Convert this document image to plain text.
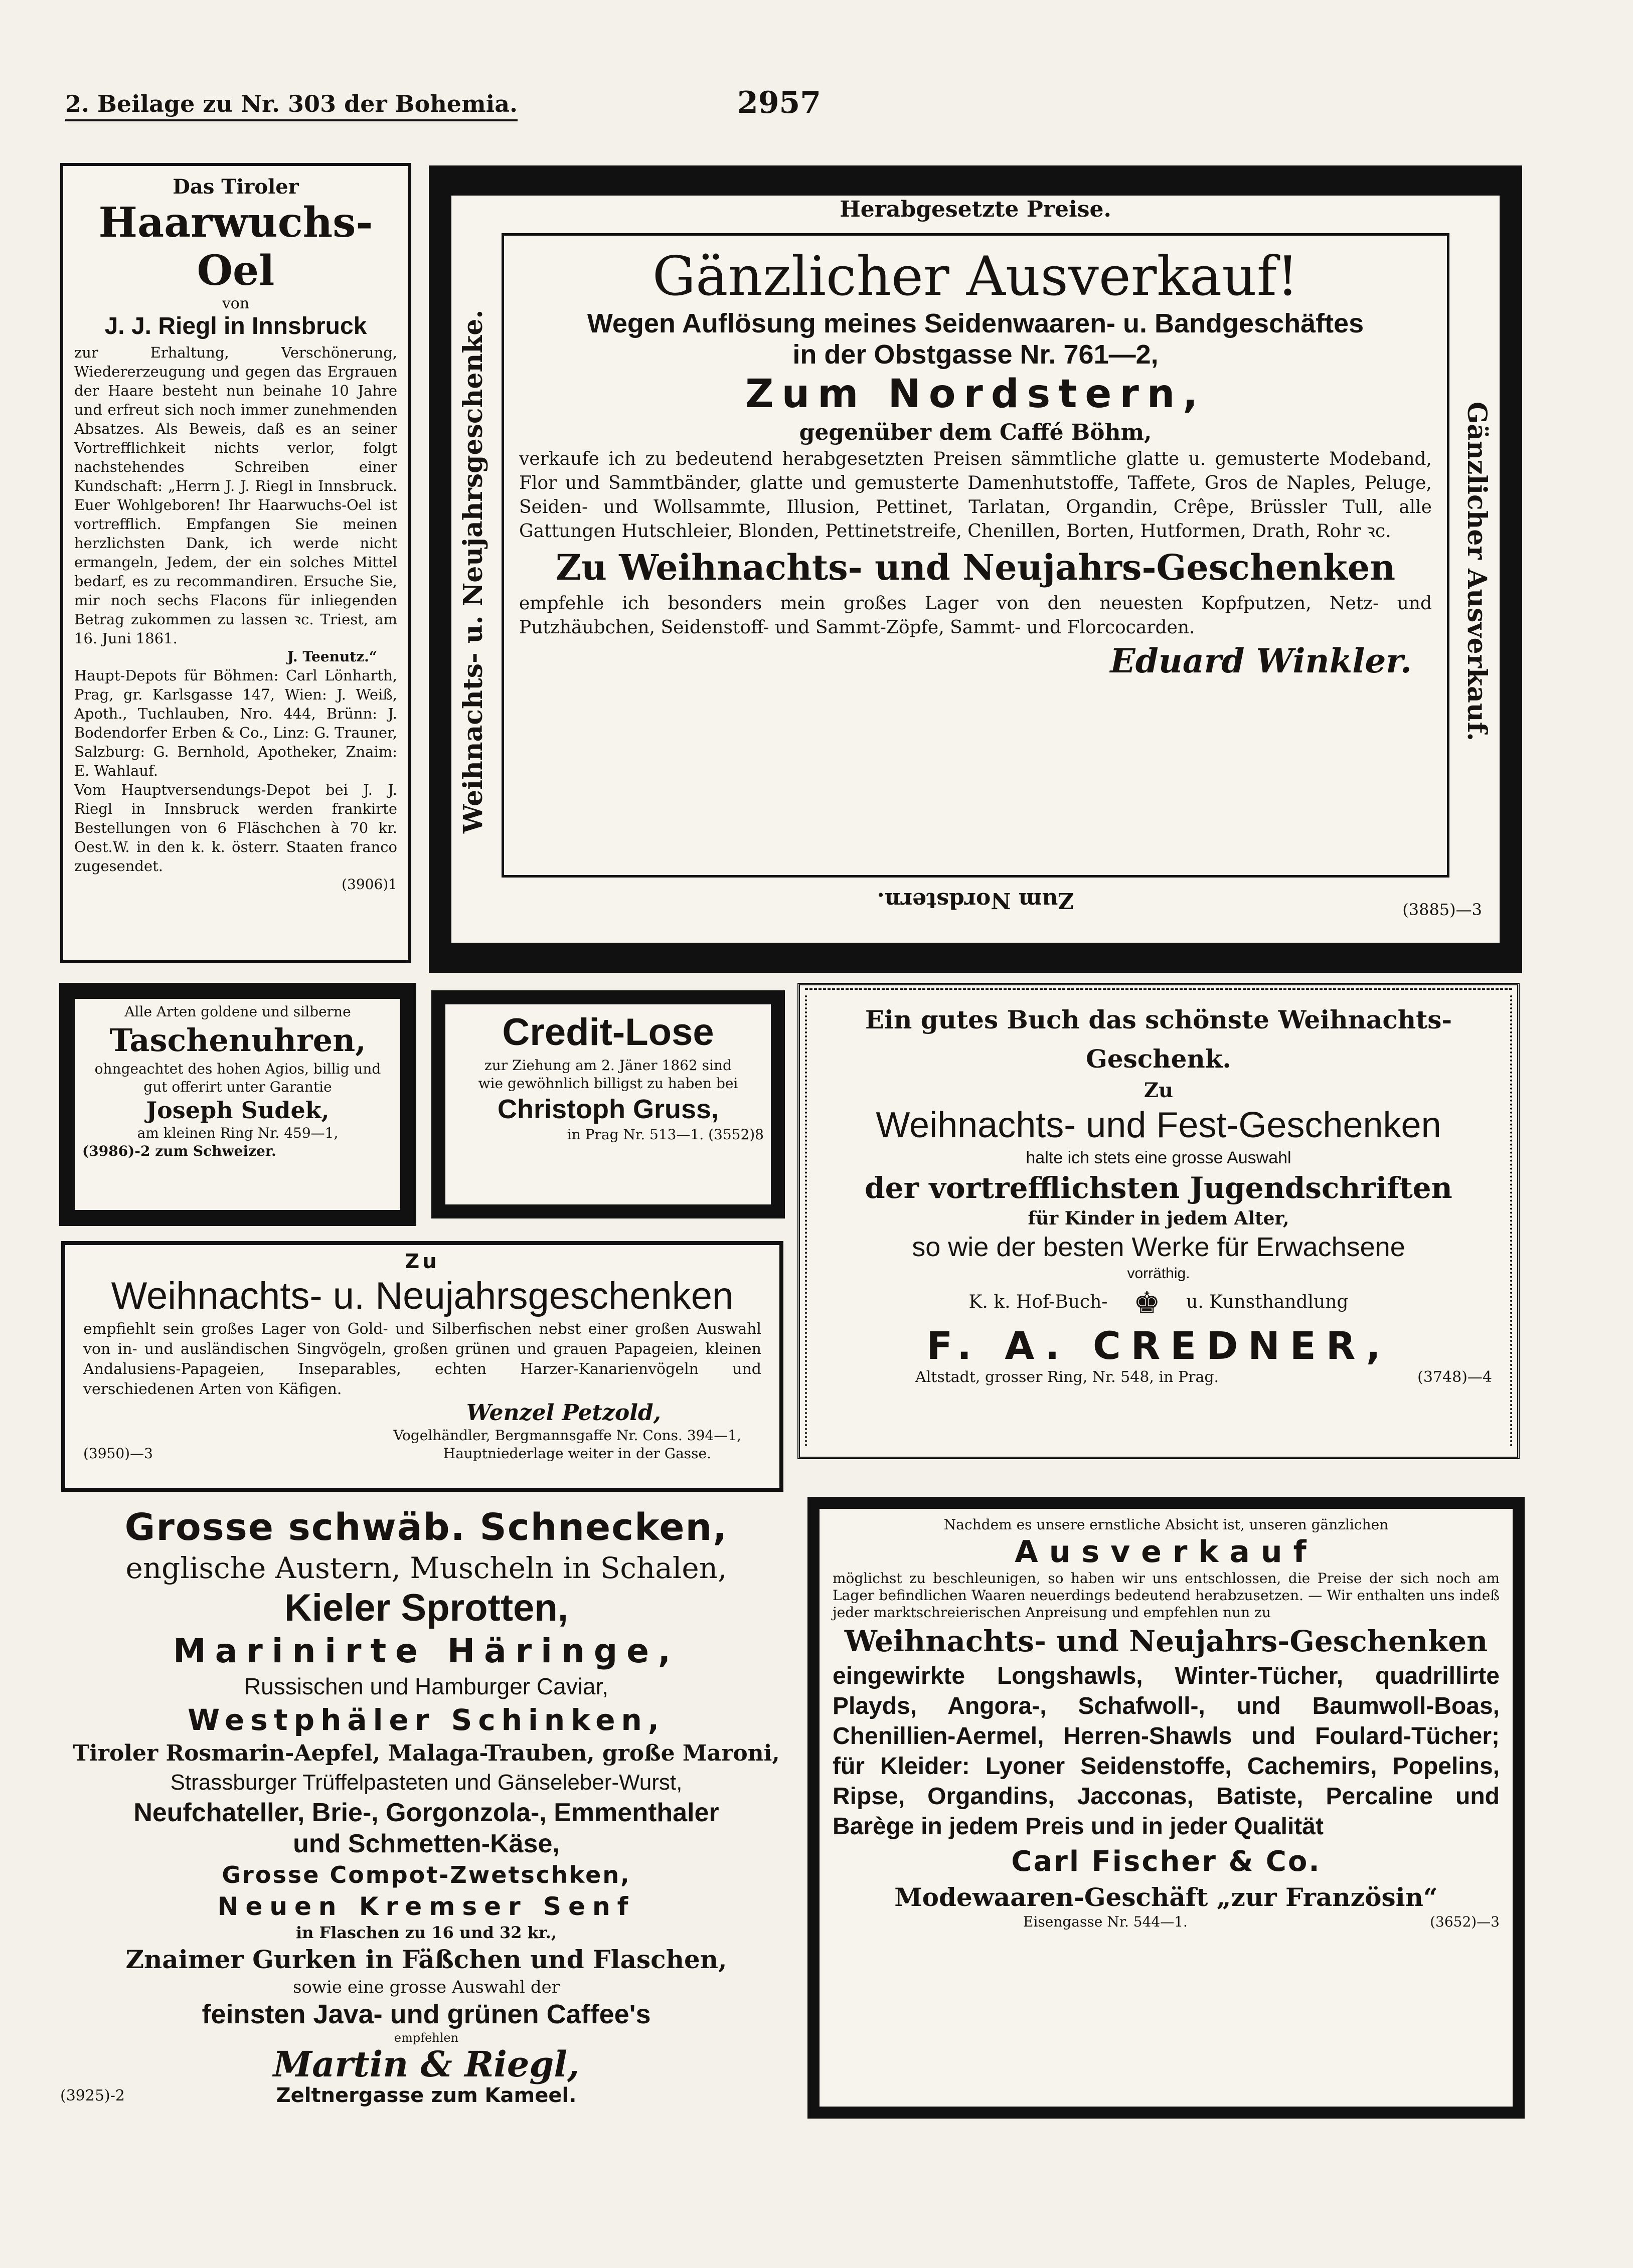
2. Beilage zu Nr. 303 der Bohemia.	2957

Das Tiroler

Haarwuchs-Oel

von

J. J. Riegl in Innsbruck

zur Erhaltung, Verschönerung, Wiedererzeugung und gegen das Ergrauen der Haare besteht nun beinahe 10 Jahre und erfreut sich noch immer zunehmenden Absatzes. Als Beweis, daß es an seiner Vortrefflichkeit nichts verlor, folgt nachstehendes Schreiben einer Kundschaft: „Herrn J. J. Riegl in Innsbruck. Euer Wohlgeboren! Ihr Haarwuchs-Oel ist vortrefflich. Empfangen Sie meinen herzlichsten Dank, ich werde nicht ermangeln, Jedem, der ein solches Mittel bedarf, es zu recommandiren. Ersuche Sie, mir noch sechs Flacons für inliegenden Betrag zukommen zu lassen ꝛc. Triest, am 16. Juni 1861.

J. Teenutz.“

Haupt-Depots für Böhmen: Carl Lönharth, Prag, gr. Karlsgasse 147, Wien: J. Weiß, Apoth., Tuchlauben, Nro. 444, Brünn: J. Bodendorfer Erben & Co., Linz: G. Trauner, Salzburg: G. Bernhold, Apotheker, Znaim: E. Wahlauf.

Vom Hauptversendungs-Depot bei J. J. Riegl in Innsbruck werden frankirte Bestellungen von 6 Fläschchen à 70 kr. Oest.W. in den k. k. österr. Staaten franco zugesendet.

(3906)1

Herabgesetzte Preise.

Weihnachts- u. Neujahrsgeschenke.	Gänzlicher Ausverkauf.

Zum Nordstern.	(3885)—3

Gänzlicher Ausverkauf!

Wegen Auflösung meines Seidenwaaren- u. Bandgeschäftes

in der Obstgasse Nr. 761—2,

Zum Nordstern,

gegenüber dem Caffé Böhm,

verkaufe ich zu bedeutend herabgesetzten Preisen sämmtliche glatte u. gemusterte Modeband, Flor und Sammtbänder, glatte und gemusterte Damenhutstoffe, Taffete, Gros de Naples, Peluge, Seiden- und Wollsammte, Illusion, Pettinet, Tarlatan, Organdin, Crêpe, Brüssler Tull, alle Gattungen Hutschleier, Blonden, Pettinetstreife, Chenillen, Borten, Hutformen, Drath, Rohr ꝛc.

Zu Weihnachts- und Neujahrs-Geschenken

empfehle ich besonders mein großes Lager von den neuesten Kopfputzen, Netz- und Putzhäubchen, Seidenstoff- und Sammt-Zöpfe, Sammt- und Florcocarden.

Eduard Winkler.

Alle Arten goldene und silberne

Taschenuhren,

ohngeachtet des hohen Agios, billig und gut offerirt unter Garantie

Joseph Sudek,

am kleinen Ring Nr. 459—1,

(3986)-2 zum Schweizer.

Credit-Lose

zur Ziehung am 2. Jäner 1862 sind wie gewöhnlich billigst zu haben bei

Christoph Gruss,

in Prag Nr. 513—1. (3552)8

Ein gutes Buch das schönste Weihnachts-Geschenk.

Zu

Weihnachts- und Fest-Geschenken

halte ich stets eine grosse Auswahl

der vortrefflichsten Jugendschriften

für Kinder in jedem Alter,

so wie der besten Werke für Erwachsene

vorräthig.

K. k. Hof-Buch- ♚ u. Kunsthandlung

F. A. CREDNER,

Altstadt, grosser Ring, Nr. 548, in Prag.	(3748)—4

Zu

Weihnachts- u. Neujahrsgeschenken

empfiehlt sein großes Lager von Gold- und Silberfischen nebst einer großen Auswahl von in- und ausländischen Singvögeln, großen grünen und grauen Papageien, kleinen Andalusiens-Papageien, Inseparables, echten Harzer-Kanarienvögeln und verschiedenen Arten von Käfigen.

Wenzel Petzold,

Vogelhändler, Bergmannsgaffe Nr. Cons. 394—1,

(3950)—3	Hauptniederlage weiter in der Gasse.

Grosse schwäb. Schnecken,

englische Austern, Muscheln in Schalen,

Kieler Sprotten,

Marinirte Häringe,

Russischen und Hamburger Caviar,

Westphäler Schinken,

Tiroler Rosmarin-Aepfel, Malaga-Trauben, große Maroni,

Strassburger Trüffelpasteten und Gänseleber-Wurst,

Neufchateller, Brie-, Gorgonzola-, Emmenthaler

und Schmetten-Käse,

Grosse Compot-Zwetschken,

Neuen Kremser Senf

in Flaschen zu 16 und 32 kr.,

Znaimer Gurken in Fäßchen und Flaschen,

sowie eine grosse Auswahl der

feinsten Java- und grünen Caffee's

empfehlen

Martin & Riegl,

(3925)-2	Zeltnergasse zum Kameel.

Nachdem es unsere ernstliche Absicht ist, unseren gänzlichen

Ausverkauf

möglichst zu beschleunigen, so haben wir uns entschlossen, die Preise der sich noch am Lager befindlichen Waaren neuerdings bedeutend herabzusetzen. — Wir enthalten uns indeß jeder marktschreierischen Anpreisung und empfehlen nun zu

Weihnachts- und Neujahrs-Geschenken

eingewirkte Longshawls, Winter-Tücher, quadrillirte Playds, Angora-, Schafwoll-, und Baumwoll-Boas, Chenillien-Aermel, Herren-Shawls und Foulard-Tücher; für Kleider: Lyoner Seidenstoffe, Cachemirs, Popelins, Ripse, Organdins, Jacconas, Batiste, Percaline und Barège in jedem Preis und in jeder Qualität

Carl Fischer & Co.

Modewaaren-Geschäft „zur Französin“

Eisengasse Nr. 544—1.	(3652)—3
